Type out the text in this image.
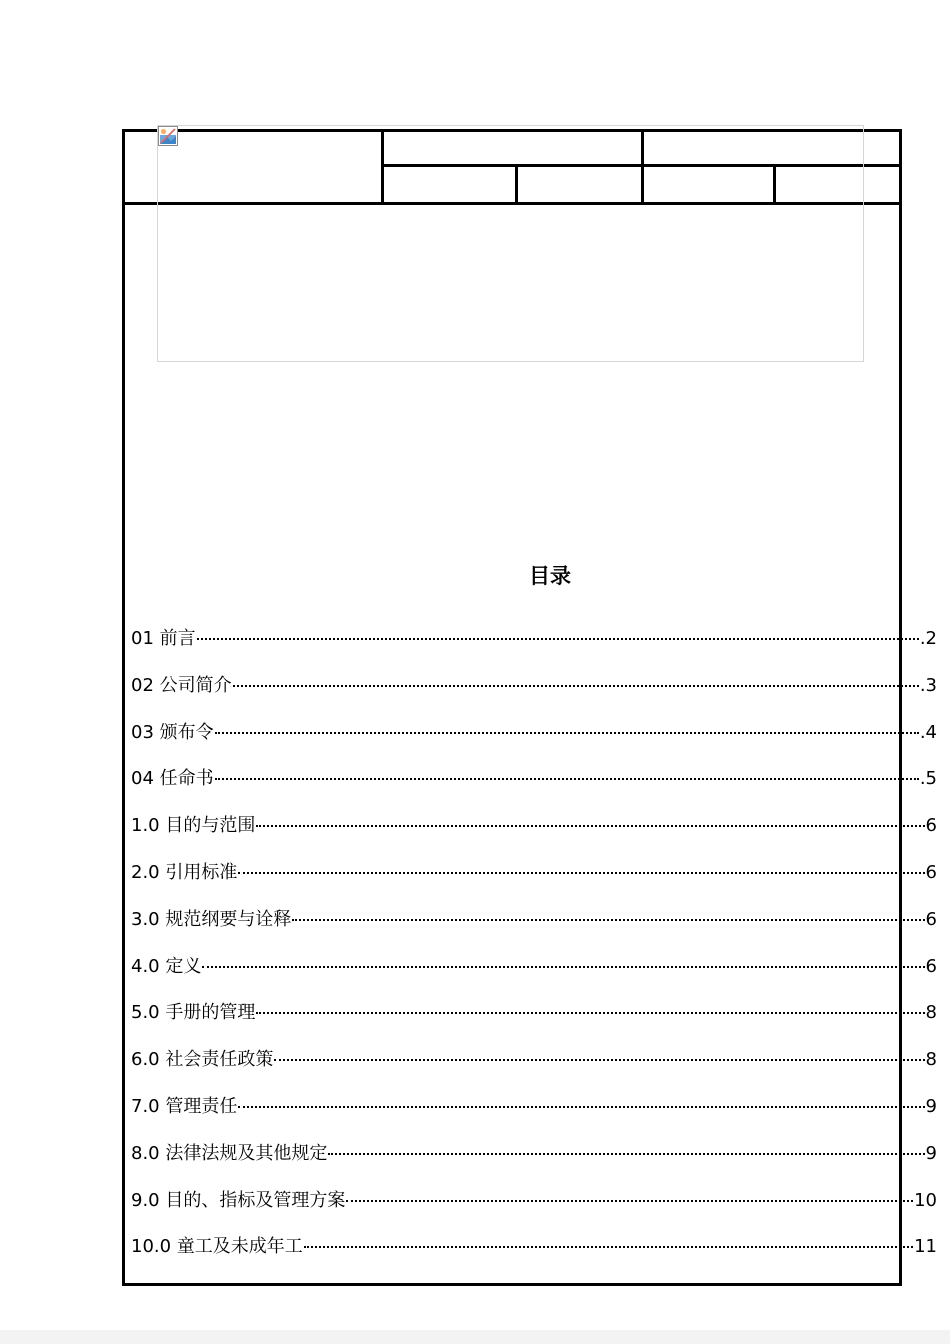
目录
01 前言	.2
02 公司简介	.3
03 颁布令	.4
04 任命书	.5
1.0 目的与范围	6
2.0 引用标准	6
3.0 规范纲要与诠释	6
4.0 定义	6
5.0 手册的管理	8
6.0 社会责任政策	8
7.0 管理责任	9
8.0 法律法规及其他规定	9
9.0 目的、指标及管理方案	10
10.0 童工及未成年工	11
